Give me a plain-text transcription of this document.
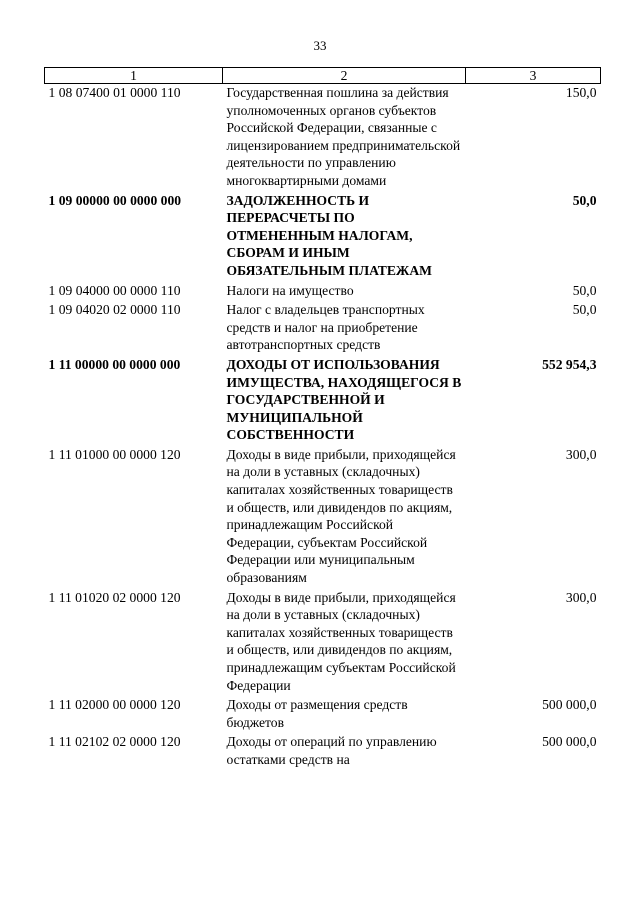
33
1	2	3
1 08 07400 01 0000 110	Государственная пошлина за действия уполномоченных органов субъектов Российской Федерации, связанные с лицензированием предпринимательской деятельности по управлению многоквартирными домами	150,0
1 09 00000 00 0000 000	ЗАДОЛЖЕННОСТЬ И ПЕРЕРАСЧЕТЫ ПО ОТМЕНЕННЫМ НАЛОГАМ, СБОРАМ И ИНЫМ ОБЯЗАТЕЛЬНЫМ ПЛАТЕЖАМ	50,0
1 09 04000 00 0000 110	Налоги на имущество	50,0
1 09 04020 02 0000 110	Налог с владельцев транспортных средств и налог на приобретение автотранспортных средств	50,0
1 11 00000 00 0000 000	ДОХОДЫ ОТ ИСПОЛЬЗОВАНИЯ ИМУЩЕСТВА, НАХОДЯЩЕГОСЯ В ГОСУДАРСТВЕННОЙ И МУНИЦИПАЛЬНОЙ СОБСТВЕННОСТИ	552 954,3
1 11 01000 00 0000 120	Доходы в виде прибыли, приходящейся на доли в уставных (складочных) капиталах хозяйственных товариществ и обществ, или дивидендов по акциям, принадлежащим Российской Федерации, субъектам Российской Федерации или муниципальным образованиям	300,0
1 11 01020 02 0000 120	Доходы в виде прибыли, приходящейся на доли в уставных (складочных) капиталах хозяйственных товариществ и обществ, или дивидендов по акциям, принадлежащим субъектам Российской Федерации	300,0
1 11 02000 00 0000 120	Доходы от размещения средств бюджетов	500 000,0
1 11 02102 02 0000 120	Доходы от операций по управлению остатками средств на	500 000,0
